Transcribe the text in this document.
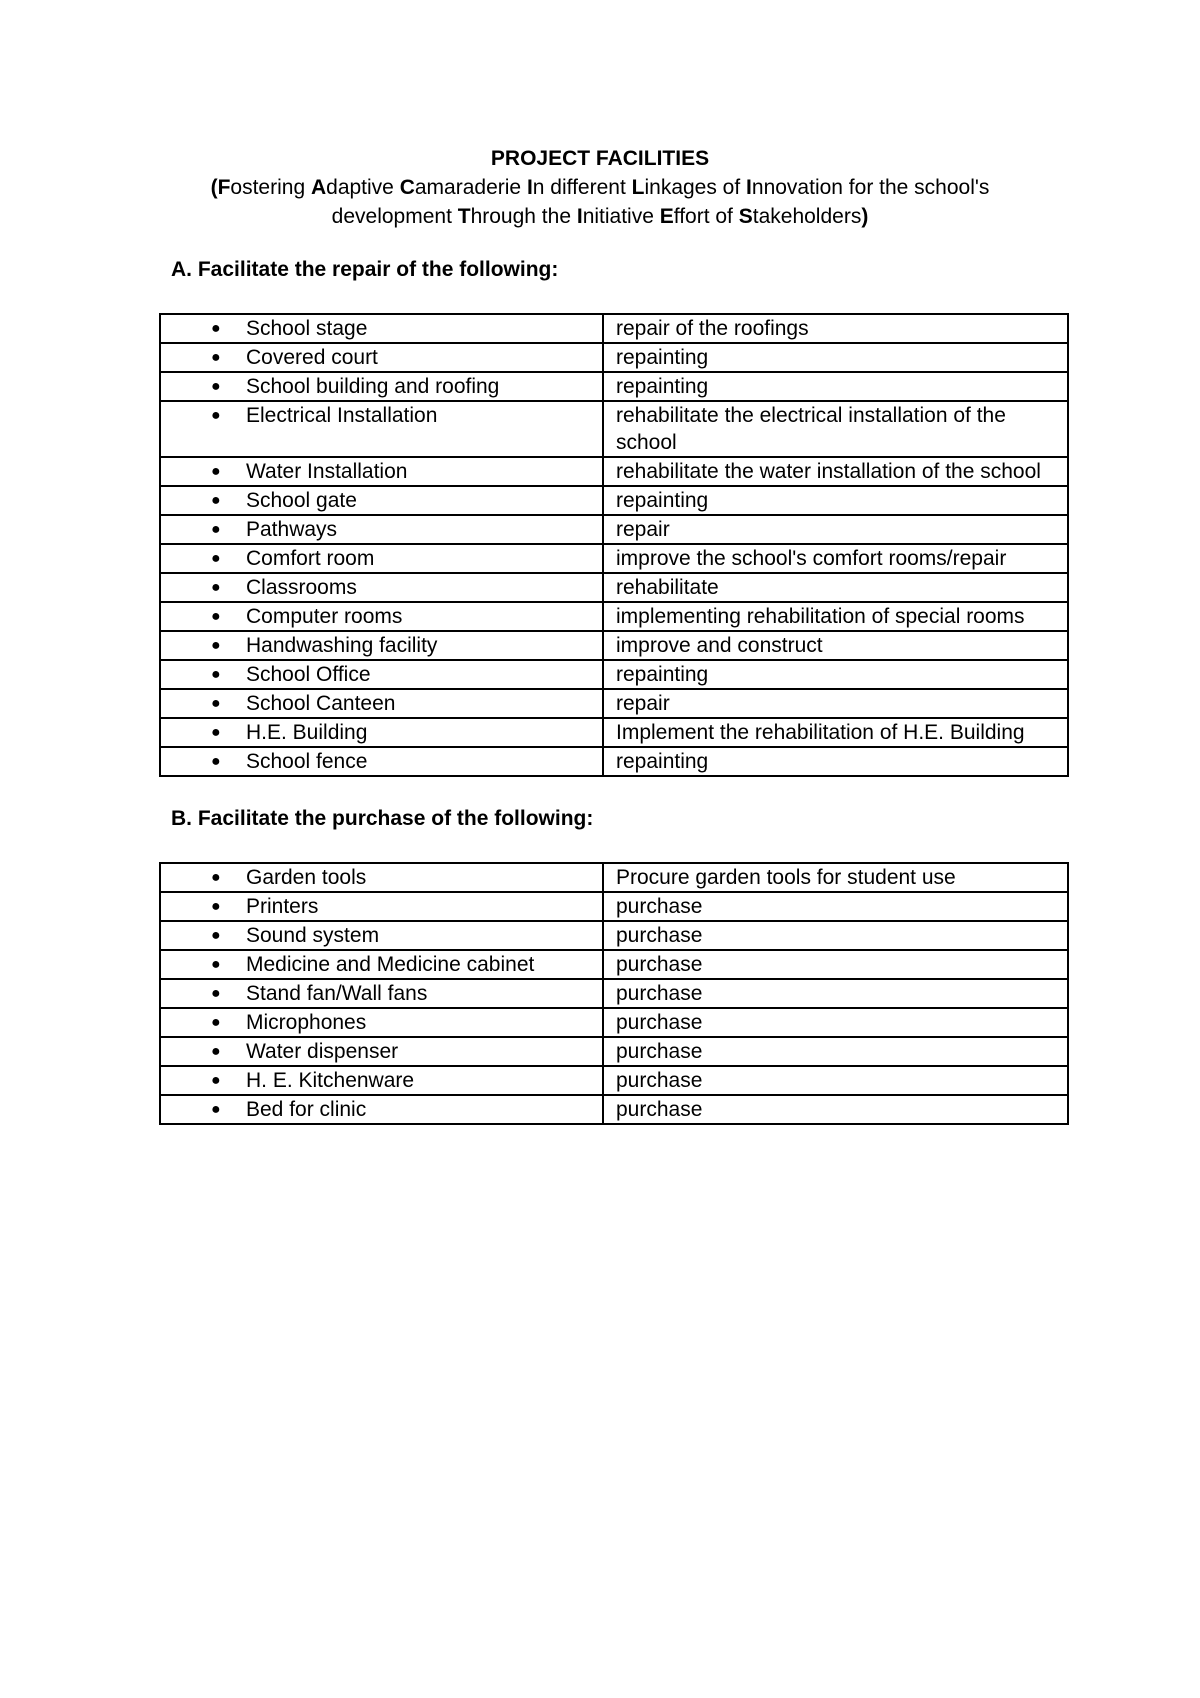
PROJECT FACILITIES
(Fostering Adaptive Camaraderie In different Linkages of Innovation for the school's development Through the Initiative Effort of Stakeholders)
A. Facilitate the repair of the following:
● School stage	repair of the roofings

● Covered court	repainting

● School building and roofing	repainting

● Electrical Installation	rehabilitate the electrical installation of the school

● Water Installation	rehabilitate the water installation of the school

● School gate	repainting

● Pathways	repair

● Comfort room	improve the school's comfort rooms/repair

● Classrooms	rehabilitate

● Computer rooms	implementing rehabilitation of special rooms

● Handwashing facility	improve and construct

● School Office	repainting

● School Canteen	repair

● H.E. Building	Implement the rehabilitation of H.E. Building

● School fence	repainting
B. Facilitate the purchase of the following:
● Garden tools	Procure garden tools for student use

● Printers	purchase

● Sound system	purchase

● Medicine and Medicine cabinet	purchase

● Stand fan/Wall fans	purchase

● Microphones	purchase

● Water dispenser	purchase

● H. E. Kitchenware	purchase

● Bed for clinic	purchase
